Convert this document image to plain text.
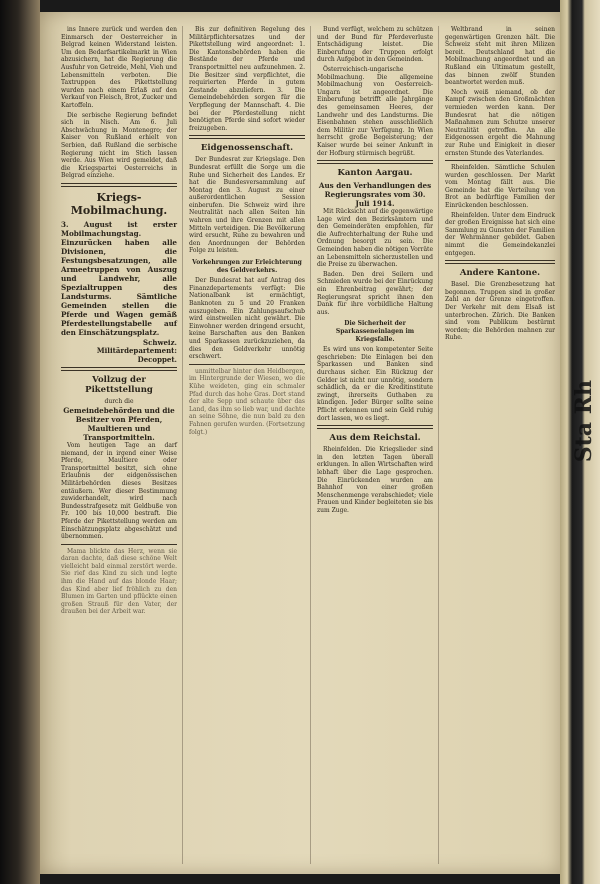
ins Innere zurück und werden den Einmarsch der Oesterreicher in Belgrad keinen Widerstand leisten. Um den Bedarfsartikelmarkt in Wien abzusichern, hat die Regierung die Ausfuhr von Getreide, Mehl, Vieh und Lebensmitteln verboten. Die Taxtruppen des Pikettstellung wurden nach einem Erlaß auf den Verkauf von Fleisch, Brot, Zucker und Kartoffeln.

Die serbische Regierung befindet sich in Nisch. Am 6. Juli Abschwächung in Montenegro; der Kaiser von Rußland erhielt von Serbien, daß Rußland die serbische Regierung nicht im Stich lassen werde. Aus Wien wird gemeldet, daß die Kriegspartei Oesterreichs in Belgrad einziehe.

Kriegs-Mobilmachung.

3. August ist erster Mobilmachungstag. Einzurücken haben alle Divisionen, die Festungsbesatzungen, alle Armeetruppen von Auszug und Landwehr, alle Spezialtruppen des Landsturms. Sämtliche Gemeinden stellen die Pferde und Wagen gemäß Pferdestellungstabelle auf den Einschätzungsplatz.

Schweiz. Militärdepartement:
Decoppet.
Vollzug der Pikettstellung
durch die
Gemeindebehörden und die Besitzer von Pferden, Maultieren und Transportmitteln.

Vom heutigen Tage an darf niemand, der in irgend einer Weise Pferde, Maultiere oder Transportmittel besitzt, sich ohne Erlaubnis der eidgenössischen Militärbehörden dieses Besitzes entäußern. Wer dieser Bestimmung zuwiderhandelt, wird nach Bundesstrafgesetz mit Geldbuße von Fr. 100 bis 10,000 bestraft. Die Pferde der Pikettstellung werden am Einschätzungsplatz abgeschätzt und übernommen.

Mama blickte das Herz, wenn sie daran dachte, daß diese schöne Welt vielleicht bald einmal zerstört werde. Sie rief das Kind zu sich und legte ihm die Hand auf das blonde Haar; das Kind aber lief fröhlich zu den Blumen im Garten und pflückte einen großen Strauß für den Vater, der draußen bei der Arbeit war.

Bis zur definitiven Regelung des Militärpflichtersatzes und der Pikettstellung wird angeordnet: 1. Die Kantonsbehörden haben die Bestände der Pferde und Transportmittel neu aufzunehmen. 2. Die Besitzer sind verpflichtet, die requirierten Pferde in gutem Zustande abzuliefern. 3. Die Gemeindebehörden sorgen für die Verpflegung der Mannschaft. 4. Die bei der Pferdestellung nicht benötigten Pferde sind sofort wieder freizugeben.

Eidgenossenschaft.

Der Bundesrat zur Kriegslage. Den Bundesrat erfüllt die Sorge um die Ruhe und Sicherheit des Landes. Er hat die Bundesversammlung auf Montag den 3. August zu einer außerordentlichen Session einberufen. Die Schweiz wird ihre Neutralität nach allen Seiten hin wahren und ihre Grenzen mit allen Mitteln verteidigen. Die Bevölkerung wird ersucht, Ruhe zu bewahren und den Anordnungen der Behörden Folge zu leisten.

Vorkehrungen zur Erleichterung des Geldverkehrs.

Der Bundesrat hat auf Antrag des Finanzdepartements verfügt: Die Nationalbank ist ermächtigt, Banknoten zu 5 und 20 Franken auszugeben. Ein Zahlungsaufschub wird einstweilen nicht gewährt. Die Einwohner werden dringend ersucht, keine Barschaften aus den Banken und Sparkassen zurückzuziehen, da dies den Geldverkehr unnötig erschwert.

unmittelbar hinter den Heidbergen, im Hintergrunde der Wiesen, wo die Kühe weideten, ging ein schmaler Pfad durch das hohe Gras. Dort stand der alte Sepp und schaute über das Land, das ihm so lieb war, und dachte an seine Söhne, die nun bald zu den Fahnen gerufen wurden. (Fortsetzung folgt.)

Bund verfügt, welchem zu schützen und der Bund für Pferdeverluste Entschädigung leistet. Die Einberufung der Truppen erfolgt durch Aufgebot in den Gemeinden.

Österreichisch-ungarische Mobilmachung. Die allgemeine Mobilmachung von Oesterreich-Ungarn ist angeordnet. Die Einberufung betrifft alle Jahrgänge des gemeinsamen Heeres, der Landwehr und des Landsturms. Die Eisenbahnen stehen ausschließlich dem Militär zur Verfügung. In Wien herrscht große Begeisterung; der Kaiser wurde bei seiner Ankunft in der Hofburg stürmisch begrüßt.

Kanton Aargau.
Aus den Verhandlungen des Regierungsrates vom 30. Juli 1914.

Mit Rücksicht auf die gegenwärtige Lage wird den Bezirksämtern und den Gemeinderäten empfohlen, für die Aufrechterhaltung der Ruhe und Ordnung besorgt zu sein. Die Gemeinden haben die nötigen Vorräte an Lebensmitteln sicherzustellen und die Preise zu überwachen.

Baden. Den drei Seilern und Schmieden wurde bei der Einrückung ein Ehrenbeitrag gewährt; der Regierungsrat spricht ihnen den Dank für ihre vorbildliche Haltung aus.

Die Sicherheit der Sparkasseneinlagen im Kriegsfalle.

Es wird uns von kompetenter Seite geschrieben: Die Einlagen bei den Sparkassen und Banken sind durchaus sicher. Ein Rückzug der Gelder ist nicht nur unnötig, sondern schädlich, da er die Kreditinstitute zwingt, ihrerseits Guthaben zu kündigen. Jeder Bürger sollte seine Pflicht erkennen und sein Geld ruhig dort lassen, wo es liegt.

Aus dem Reichstal.

Rheinfelden. Die Kriegslieder sind in den letzten Tagen überall erklungen. In allen Wirtschaften wird lebhaft über die Lage gesprochen. Die Einrückenden wurden am Bahnhof von einer großen Menschenmenge verabschiedet; viele Frauen und Kinder begleiteten sie bis zum Zuge.

Weltbrand in seinen gegenwärtigen Grenzen hält. Die Schweiz steht mit ihren Milizen bereit. Deutschland hat die Mobilmachung angeordnet und an Rußland ein Ultimatum gestellt, das binnen zwölf Stunden beantwortet werden muß.

Noch weiß niemand, ob der Kampf zwischen den Großmächten vermieden werden kann. Der Bundesrat hat die nötigen Maßnahmen zum Schutze unserer Neutralität getroffen. An alle Eidgenossen ergeht die Mahnung zur Ruhe und Einigkeit in dieser ernsten Stunde des Vaterlandes.

Rheinfelden. Sämtliche Schulen wurden geschlossen. Der Markt vom Montag fällt aus. Die Gemeinde hat die Verteilung von Brot an bedürftige Familien der Einrückenden beschlossen.

Rheinfelden. Unter dem Eindruck der großen Ereignisse hat sich eine Sammlung zu Gunsten der Familien der Wehrmänner gebildet. Gaben nimmt die Gemeindekanzlei entgegen.

Andere Kantone.

Basel. Die Grenzbesetzung hat begonnen. Truppen sind in großer Zahl an der Grenze eingetroffen. Der Verkehr mit dem Elsaß ist unterbrochen. Zürich. Die Banken sind vom Publikum bestürmt worden; die Behörden mahnen zur Ruhe.

Sta Rh
